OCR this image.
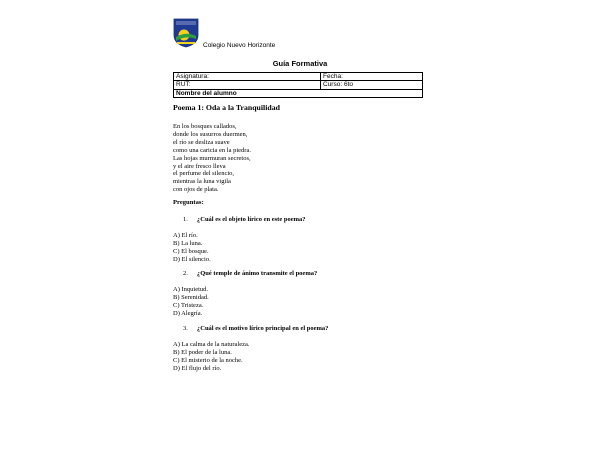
Colegio Nuevo Horizonte
Guía Formativa
Asignatura:	Fecha:
RUT:	Curso: 6to
Nombre del alumno	
Poema 1: Oda a la Tranquilidad
En los bosques callados,
donde los susurros duermen,
el río se desliza suave
como una caricia en la piedra.
Las hojas murmuran secretos,
y el aire fresco lleva
el perfume del silencio,
mientras la luna vigila
con ojos de plata.
Preguntas:
1.	¿Cuál es el objeto lírico en este poema?
A) El río.
B) La luna.
C) El bosque.
D) El silencio.
2.	¿Qué temple de ánimo transmite el poema?
A) Inquietud.
B) Serenidad.
C) Tristeza.
D) Alegría.
3.	¿Cuál es el motivo lírico principal en el poema?
A) La calma de la naturaleza.
B) El poder de la luna.
C) El misterio de la noche.
D) El flujo del río.
